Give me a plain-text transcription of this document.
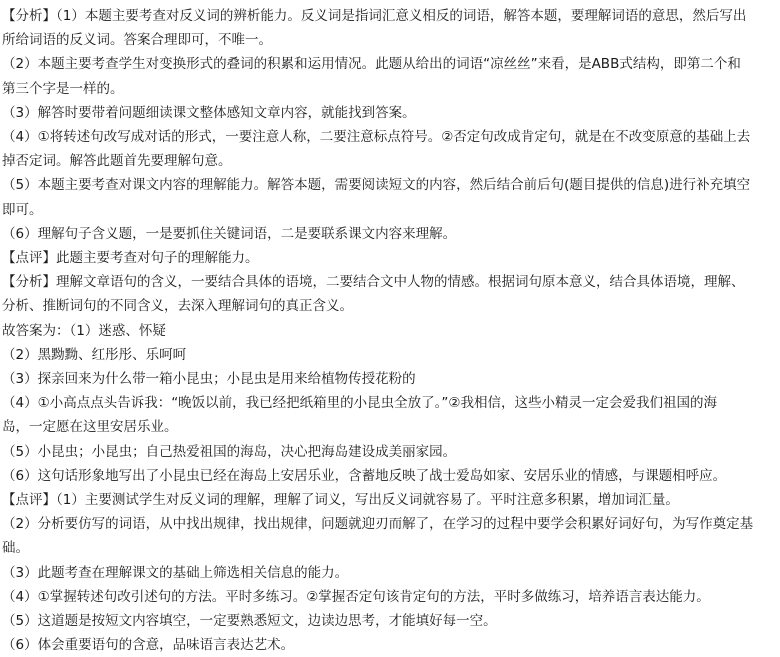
【分析】（1）本题主要考查对反义词的辨析能力。反义词是指词汇意义相反的词语，解答本题，要理解词语的意思，然后写出

所给词语的反义词。答案合理即可，不唯一。

（2）本题主要考查学生对变换形式的叠词的积累和运用情况。此题从给出的词语“凉丝丝”来看，是ABB式结构，即第二个和

第三个字是一样的。

（3）解答时要带着问题细读课文整体感知文章内容，就能找到答案。

（4）①将转述句改写成对话的形式，一要注意人称，二要注意标点符号。②否定句改成肯定句，就是在不改变原意的基础上去

掉否定词。解答此题首先要理解句意。

（5）本题主要考查对课文内容的理解能力。解答本题，需要阅读短文的内容，然后结合前后句(题目提供的信息)进行补充填空

即可。

（6）理解句子含义题，一是要抓住关键词语，二是要联系课文内容来理解。

【点评】此题主要考查对句子的理解能力。

【分析】理解文章语句的含义，一要结合具体的语境，二要结合文中人物的情感。根据词句原本意义，结合具体语境，理解、

分析、推断词句的不同含义，去深入理解词句的真正含义。

故答案为：（1）迷惑、怀疑

（2）黑黝黝、红彤彤、乐呵呵

（3）探亲回来为什么带一箱小昆虫；小昆虫是用来给植物传授花粉的

（4）①小高点点头告诉我：“晚饭以前，我已经把纸箱里的小昆虫全放了。”②我相信，这些小精灵一定会爱我们祖国的海

岛，一定愿在这里安居乐业。

（5）小昆虫；小昆虫；自己热爱祖国的海岛，决心把海岛建设成美丽家园。

（6）这句话形象地写出了小昆虫已经在海岛上安居乐业，含蓄地反映了战士爱岛如家、安居乐业的情感，与课题相呼应。

【点评】（1）主要测试学生对反义词的理解，理解了词义，写出反义词就容易了。平时注意多积累，增加词汇量。

（2）分析要仿写的词语，从中找出规律，找出规律，问题就迎刃而解了，在学习的过程中要学会积累好词好句，为写作奠定基

础。

（3）此题考查在理解课文的基础上筛选相关信息的能力。

（4）①掌握转述句改引述句的方法。平时多练习。②掌握否定句该肯定句的方法，平时多做练习，培养语言表达能力。

（5）这道题是按短文内容填空，一定要熟悉短文，边读边思考，才能填好每一空。

（6）体会重要语句的含意，品味语言表达艺术。
